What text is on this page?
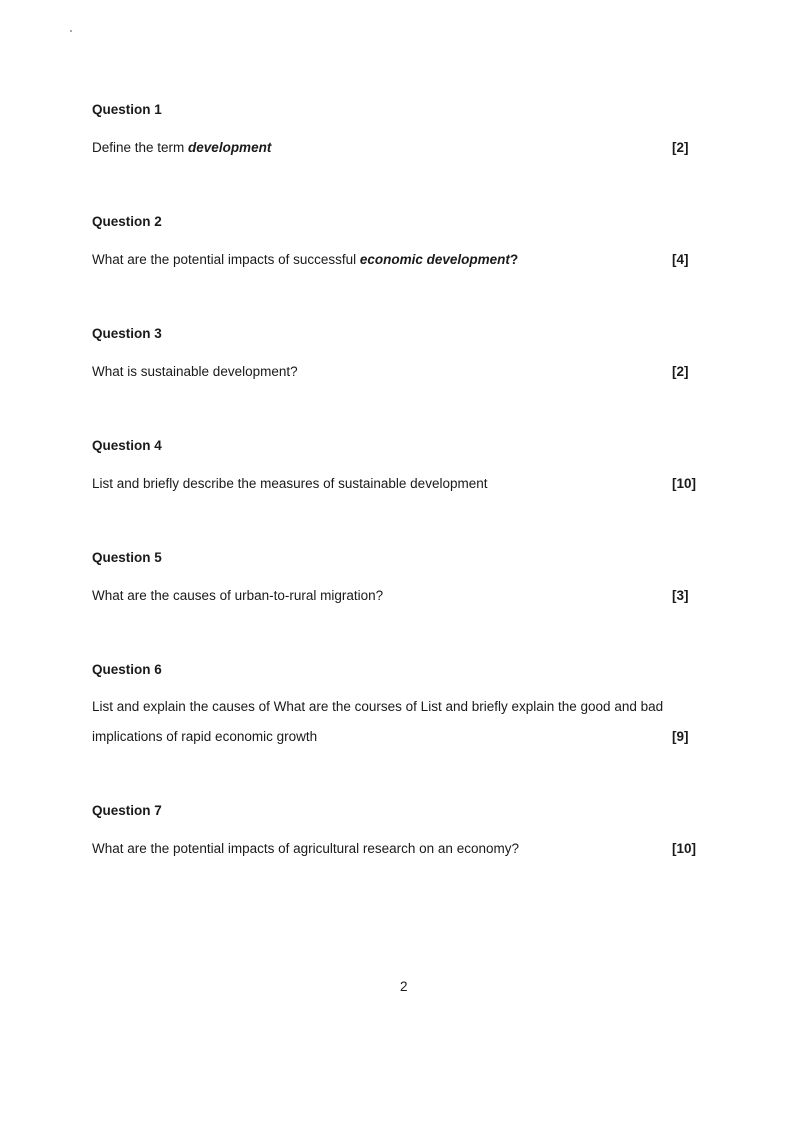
Question 1
Define the term development	[2]
Question 2
What are the potential impacts of successful economic development?	[4]
Question 3
What is sustainable development?	[2]
Question 4
List and briefly describe the measures of sustainable development	[10]
Question 5
What are the causes of urban-to-rural migration?	[3]
Question 6
List and explain the causes of What are the courses of List and briefly explain the good and bad
implications of rapid economic growth	[9]
Question 7
What are the potential impacts of agricultural research on an economy?	[10]
2
